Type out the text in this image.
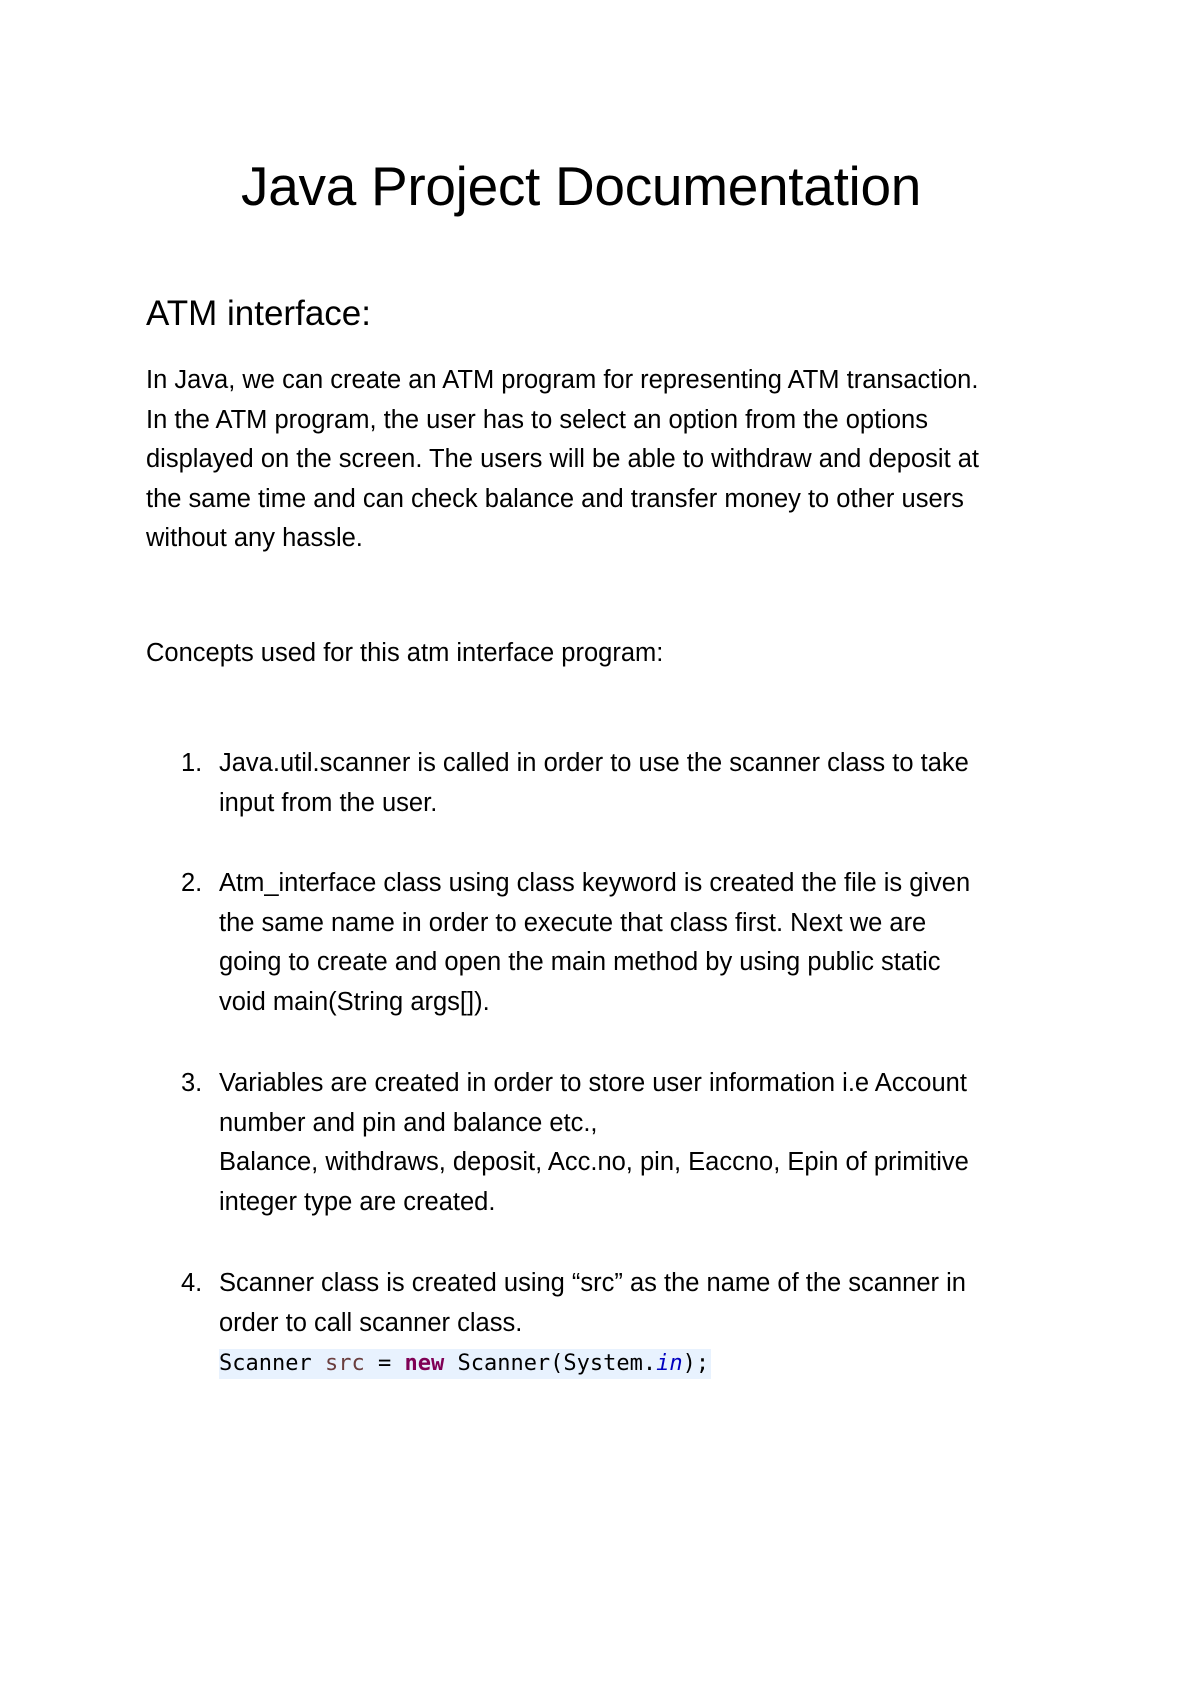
Java Project Documentation
ATM interface:
In Java, we can create an ATM program for representing ATM transaction.
In the ATM program, the user has to select an option from the options
displayed on the screen. The users will be able to withdraw and deposit at
the same time and can check balance and transfer money to other users
without any hassle.
Concepts used for this atm interface program:
1. Java.util.scanner is called in order to use the scanner class to take
input from the user.
2. Atm_interface class using class keyword is created the file is given
the same name in order to execute that class first. Next we are
going to create and open the main method by using public static
void main(String args[]).
3. Variables are created in order to store user information i.e Account
number and pin and balance etc.,
Balance, withdraws, deposit, Acc.no, pin, Eaccno, Epin of primitive
integer type are created.
4. Scanner class is created using “src” as the name of the scanner in
order to call scanner class.
Scanner src = new Scanner(System.in);
